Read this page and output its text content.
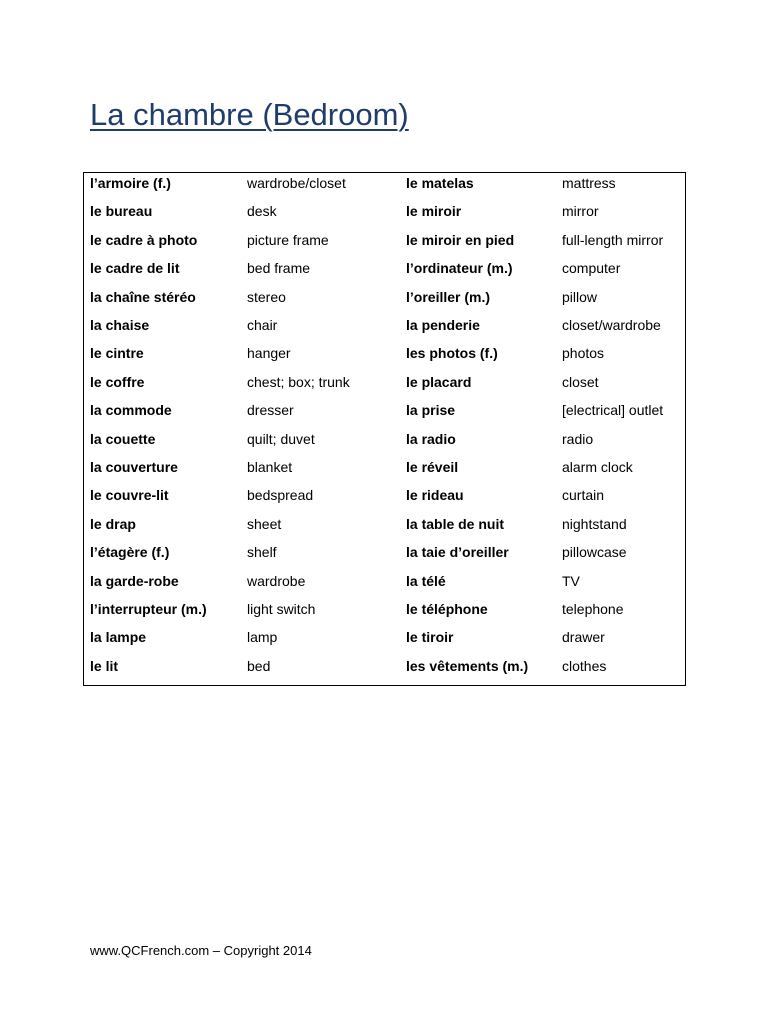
La chambre (Bedroom)
l’armoire (f.)	wardrobe/closet	le matelas	mattress
le bureau	desk	le miroir	mirror
le cadre à photo	picture frame	le miroir en pied	full-length mirror
le cadre de lit	bed frame	l’ordinateur (m.)	computer
la chaîne stéréo	stereo	l’oreiller (m.)	pillow
la chaise	chair	la penderie	closet/wardrobe
le cintre	hanger	les photos (f.)	photos
le coffre	chest; box; trunk	le placard	closet
la commode	dresser	la prise	[electrical] outlet
la couette	quilt; duvet	la radio	radio
la couverture	blanket	le réveil	alarm clock
le couvre-lit	bedspread	le rideau	curtain
le drap	sheet	la table de nuit	nightstand
l’étagère (f.)	shelf	la taie d’oreiller	pillowcase
la garde-robe	wardrobe	la télé	TV
l’interrupteur (m.)	light switch	le téléphone	telephone
la lampe	lamp	le tiroir	drawer
le lit	bed	les vêtements (m.) clothes
www.QCFrench.com – Copyright 2014
